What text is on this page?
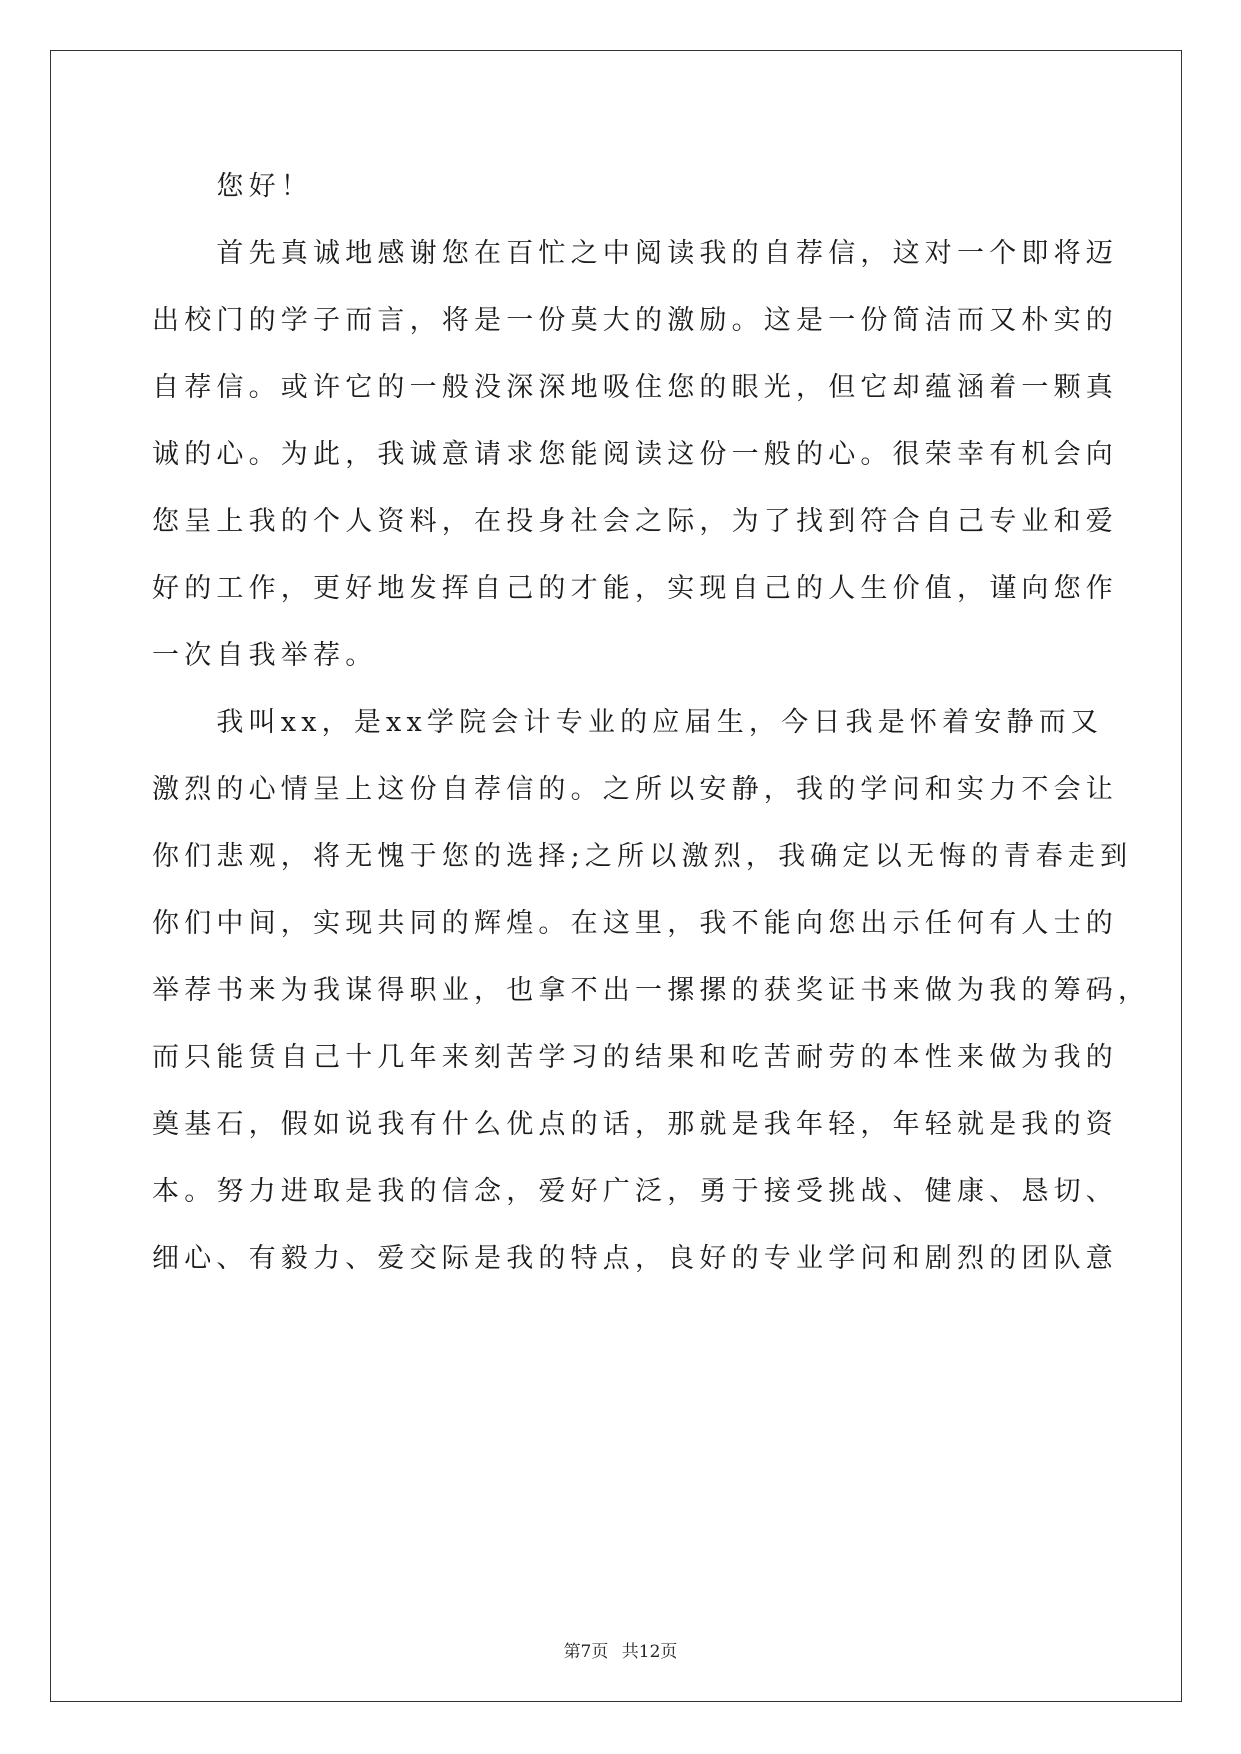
　　您好！
　　首先真诚地感谢您在百忙之中阅读我的自荐信，这对一个即将迈
出校门的学子而言，将是一份莫大的激励。这是一份简洁而又朴实的
自荐信。或许它的一般没深深地吸住您的眼光，但它却蕴涵着一颗真
诚的心。为此，我诚意请求您能阅读这份一般的心。很荣幸有机会向
您呈上我的个人资料，在投身社会之际，为了找到符合自己专业和爱
好的工作，更好地发挥自己的才能，实现自己的人生价值，谨向您作
一次自我举荐。
　　我叫xx，是xx学院会计专业的应届生，今日我是怀着安静而又
激烈的心情呈上这份自荐信的。之所以安静，我的学问和实力不会让
你们悲观，将无愧于您的选择;之所以激烈，我确定以无悔的青春走到
你们中间，实现共同的辉煌。在这里，我不能向您出示任何有人士的
举荐书来为我谋得职业，也拿不出一摞摞的获奖证书来做为我的筹码，
而只能赁自己十几年来刻苦学习的结果和吃苦耐劳的本性来做为我的
奠基石，假如说我有什么优点的话，那就是我年轻，年轻就是我的资
本。努力进取是我的信念，爱好广泛，勇于接受挑战、健康、恳切、
细心、有毅力、爱交际是我的特点，良好的专业学问和剧烈的团队意
第7页 共12页
